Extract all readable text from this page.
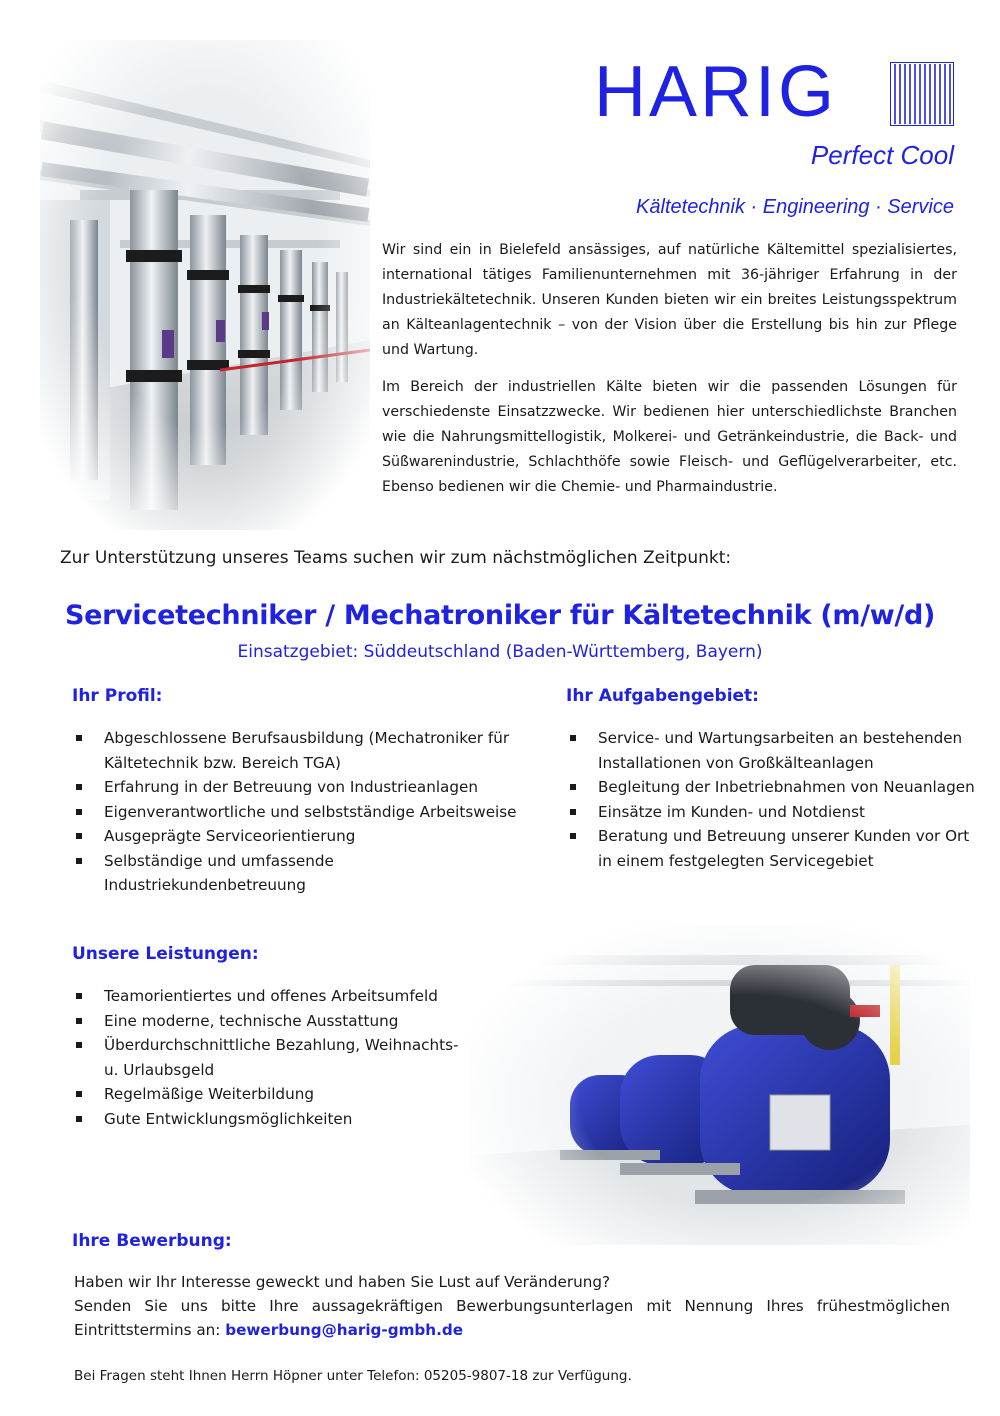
HARIG
Perfect Cool
Kältetechnik · Engineering · Service

Wir sind ein in Bielefeld ansässiges, auf natürliche Kältemittel spezialisiertes, international tätiges Familienunternehmen mit 36-jähriger Erfahrung in der Industriekältetechnik. Unseren Kunden bieten wir ein breites Leistungsspektrum an Kälteanlagentechnik – von der Vision über die Erstellung bis hin zur Pflege und Wartung.

Im Bereich der industriellen Kälte bieten wir die passenden Lösungen für verschiedenste Einsatzzwecke. Wir bedienen hier unterschiedlichste Branchen wie die Nahrungsmittellogistik, Molkerei- und Getränkeindustrie, die Back- und Süßwarenindustrie, Schlachthöfe sowie Fleisch- und Geflügelverarbeiter, etc. Ebenso bedienen wir die Chemie- und Pharmaindustrie.

Zur Unterstützung unseres Teams suchen wir zum nächstmöglichen Zeitpunkt:
Servicetechniker / Mechatroniker für Kältetechnik (m/w/d)
Einsatzgebiet: Süddeutschland (Baden-Württemberg, Bayern)
Ihr Profil:
Abgeschlossene Berufsausbildung (Mechatroniker für Kältetechnik bzw. Bereich TGA)
Erfahrung in der Betreuung von Industrieanlagen
Eigenverantwortliche und selbstständige Arbeitsweise
Ausgeprägte Serviceorientierung
Selbständige und umfassende Industriekundenbetreuung
Ihr Aufgabengebiet:
Service- und Wartungsarbeiten an bestehenden Installationen von Großkälteanlagen
Begleitung der Inbetriebnahmen von Neuanlagen
Einsätze im Kunden- und Notdienst
Beratung und Betreuung unserer Kunden vor Ort in einem festgelegten Servicegebiet
Unsere Leistungen:
Teamorientiertes und offenes Arbeitsumfeld
Eine moderne, technische Ausstattung
Überdurchschnittliche Bezahlung, Weihnachts- u. Urlaubsgeld
Regelmäßige Weiterbildung
Gute Entwicklungsmöglichkeiten
Ihre Bewerbung:
Haben wir Ihr Interesse geweckt und haben Sie Lust auf Veränderung?
Senden Sie uns bitte Ihre aussagekräftigen Bewerbungsunterlagen mit Nennung Ihres frühestmöglichen
Eintrittstermins an: bewerbung@harig-gmbh.de
Bei Fragen steht Ihnen Herrn Höpner unter Telefon: 05205-9807-18 zur Verfügung.
